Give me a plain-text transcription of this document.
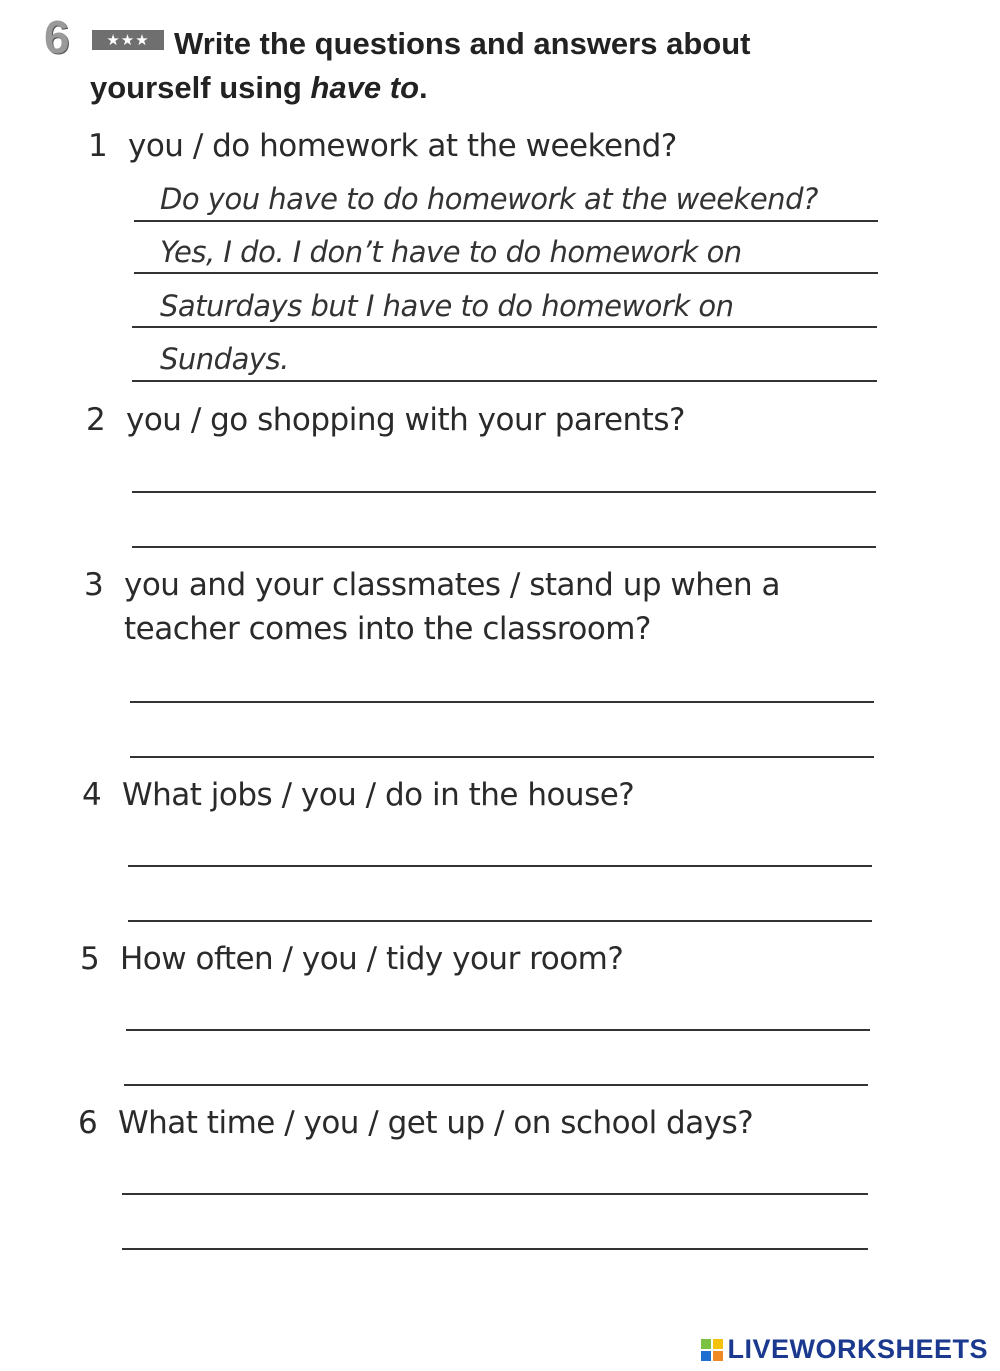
6	★★★ Write the questions and answers about
yourself using have to.
1 you / do homework at the weekend?
Do you have to do homework at the weekend?
Yes, I do. I don’t have to do homework on
Saturdays but I have to do homework on
Sundays.
2 you / go shopping with your parents?
3 you and your classmates / stand up when a
teacher comes into the classroom?
4 What jobs / you / do in the house?
5 How often / you / tidy your room?
6 What time / you / get up / on school days?
LIVEWORKSHEETS
